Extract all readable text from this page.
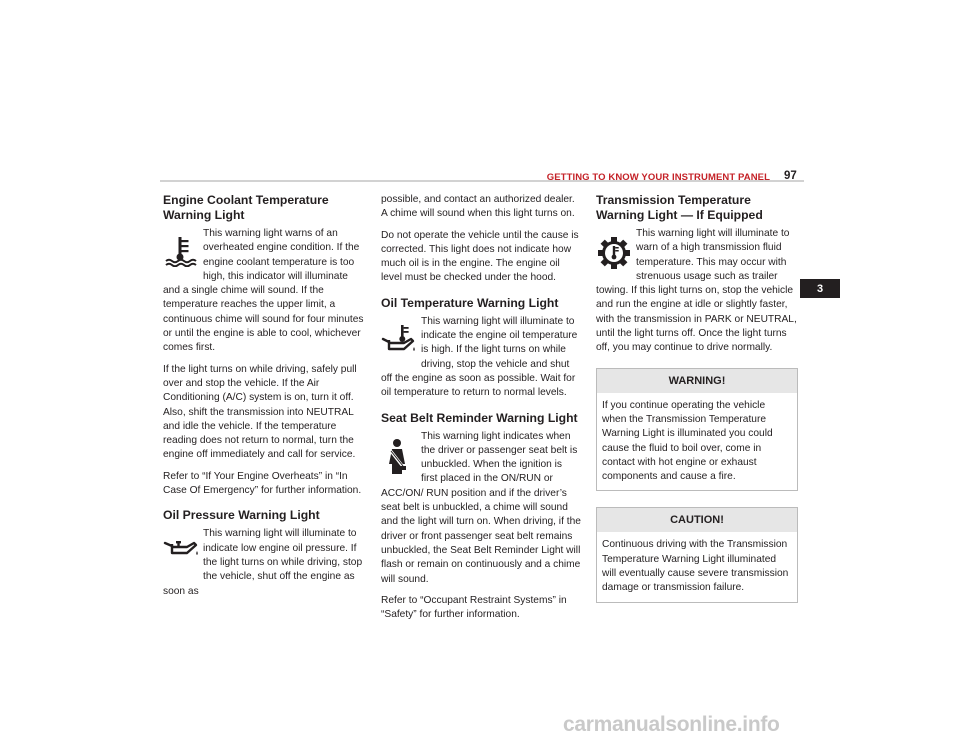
GETTING TO KNOW YOUR INSTRUMENT PANEL 97
3
Engine Coolant Temperature Warning Light

This warning light warns of an overheated engine condition. If the engine coolant temperature is too high, this indicator will illuminate and a single chime will sound. If the temperature reaches the upper limit, a continuous chime will sound for four minutes or until the engine is able to cool, whichever comes first.

If the light turns on while driving, safely pull over and stop the vehicle. If the Air Conditioning (A/C) system is on, turn it off. Also, shift the transmission into NEUTRAL and idle the vehicle. If the temperature reading does not return to normal, turn the engine off immediately and call for service.

Refer to “If Your Engine Overheats” in “In Case Of Emergency” for further information.

Oil Pressure Warning Light

This warning light will illuminate to indicate low engine oil pressure. If the light turns on while driving, stop the vehicle, shut off the engine as soon as

possible, and contact an authorized dealer. A chime will sound when this light turns on.

Do not operate the vehicle until the cause is corrected. This light does not indicate how much oil is in the engine. The engine oil level must be checked under the hood.

Oil Temperature Warning Light

This warning light will illuminate to indicate the engine oil temperature is high. If the light turns on while driving, stop the vehicle and shut off the engine as soon as possible. Wait for oil temperature to return to normal levels.

Seat Belt Reminder Warning Light

This warning light indicates when the driver or passenger seat belt is unbuckled. When the ignition is first placed in the ON/RUN or ACC/ON/ RUN position and if the driver’s seat belt is unbuckled, a chime will sound and the light will turn on. When driving, if the driver or front passenger seat belt remains unbuckled, the Seat Belt Reminder Light will flash or remain on continuously and a chime will sound.

Refer to “Occupant Restraint Systems” in “Safety” for further information.

Transmission Temperature Warning Light — If Equipped

This warning light will illuminate to warn of a high transmission fluid temperature. This may occur with strenuous usage such as trailer towing. If this light turns on, stop the vehicle and run the engine at idle or slightly faster, with the transmission in PARK or NEUTRAL, until the light turns off. Once the light turns off, you may continue to drive normally.

WARNING!
If you continue operating the vehicle when the Transmission Temperature Warning Light is illuminated you could cause the fluid to boil over, come in contact with hot engine or exhaust components and cause a fire.
CAUTION!
Continuous driving with the Transmission Temperature Warning Light illuminated will eventually cause severe transmission damage or transmission failure.
carmanualsonline.info
